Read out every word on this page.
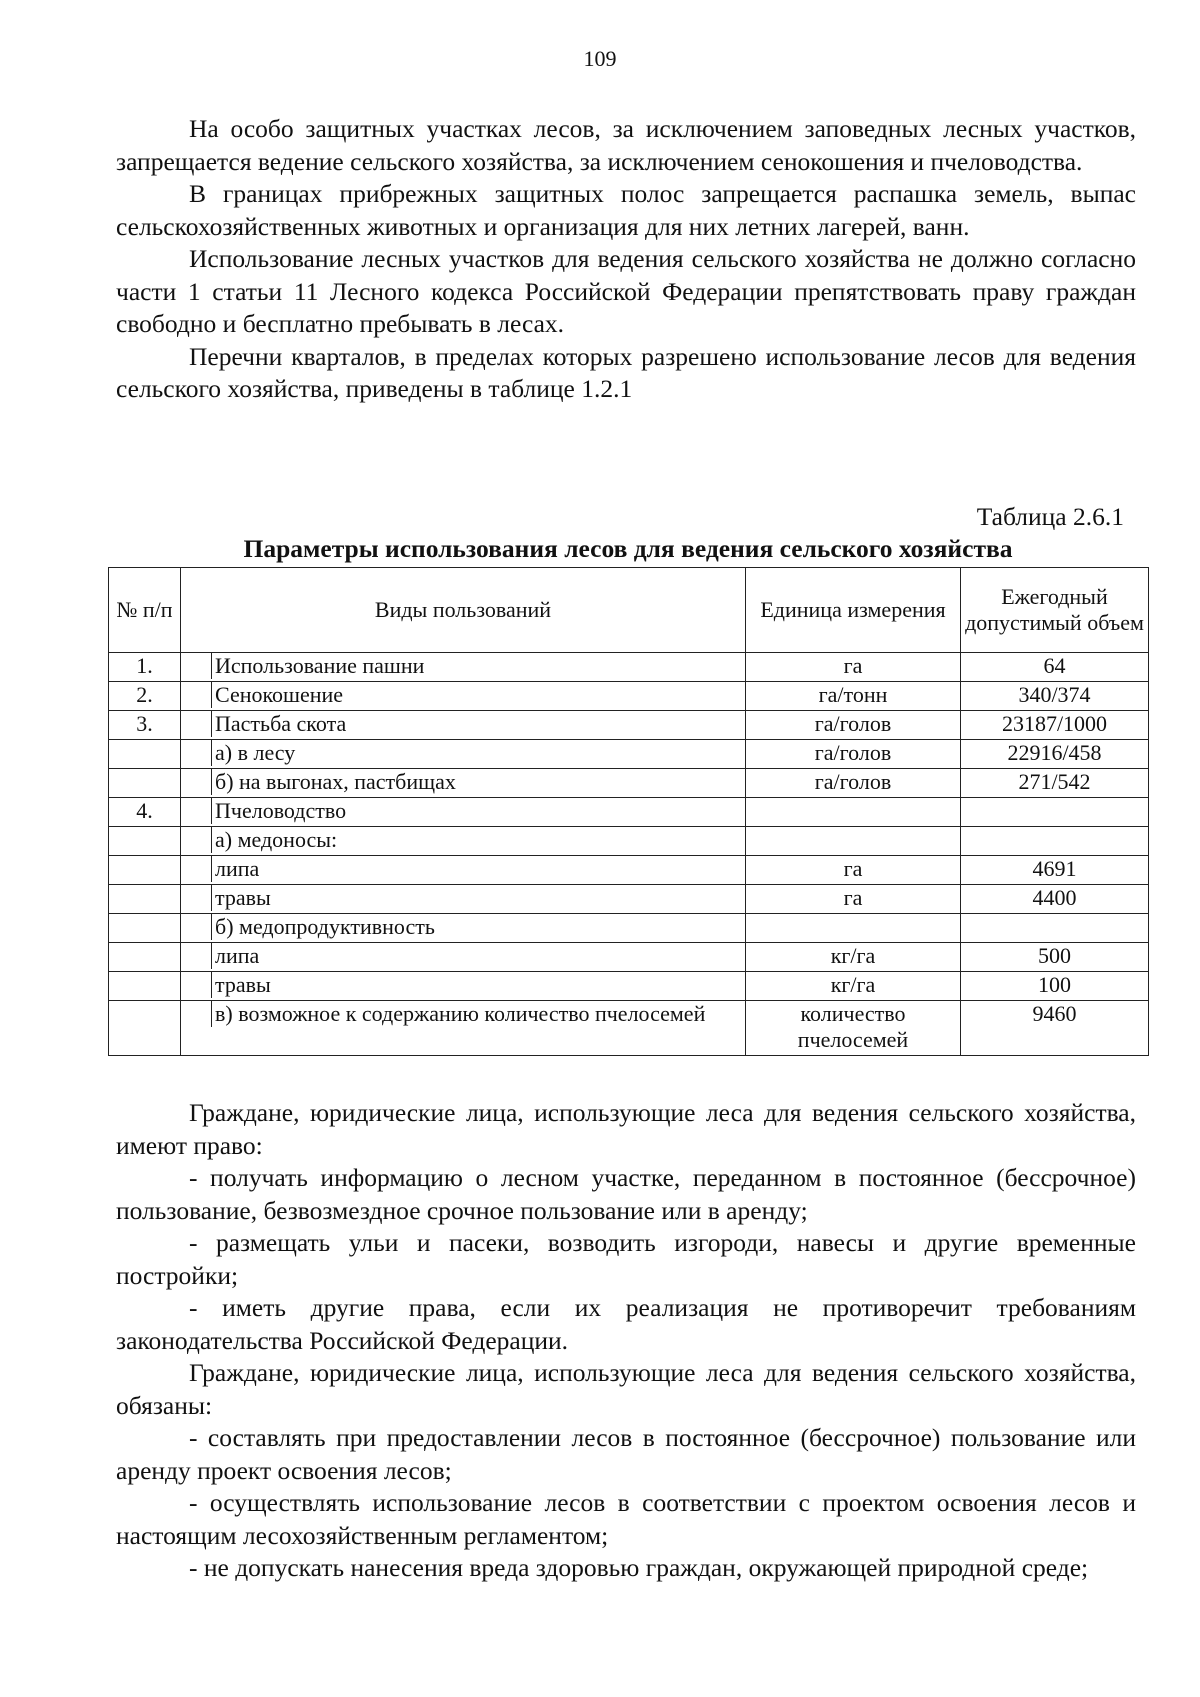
109

На особо защитных участках лесов, за исключением заповедных лесных участков, запрещается ведение сельского хозяйства, за исключением сенокошения и пчеловодства.

В границах прибрежных защитных полос запрещается распашка земель, выпас сельскохозяйственных животных и организация для них летних лагерей, ванн.

Использование лесных участков для ведения сельского хозяйства не должно согласно части 1 статьи 11 Лесного кодекса Российской Федерации препятствовать праву граждан свободно и бесплатно пребывать в лесах.

Перечни кварталов, в пределах которых разрешено использование лесов для ведения сельского хозяйства, приведены в таблице 1.2.1

Таблица 2.6.1
Параметры использования лесов для ведения сельского хозяйства
№ п/п	Виды пользований	Единица измерения	Ежегодный допустимый объем
1.	Использование пашни	га	64
2.	Сенокошение	га/тонн	340/374
3.	Пастьба скота	га/голов	23187/1000

	а) в лесу	га/голов	22916/458

	б) на выгонах, пастбищах	га/голов	271/542
4.	Пчеловодство		

	а) медоносы:		

	липа	га	4691

	травы	га	4400

	б) медопродуктивность		

	липа	кг/га	500

	травы	кг/га	100

	в) возможное к содержанию количество пчелосемей	количество пчелосемей	9460

Граждане, юридические лица, использующие леса для ведения сельского хозяйства, имеют право:

- получать информацию о лесном участке, переданном в постоянное (бессрочное) пользование, безвозмездное срочное пользование или в аренду;

- размещать ульи и пасеки, возводить изгороди, навесы и другие временные постройки;

- иметь другие права, если их реализация не противоречит требованиям законодательства Российской Федерации.

Граждане, юридические лица, использующие леса для ведения сельского хозяйства, обязаны:

- составлять при предоставлении лесов в постоянное (бессрочное) пользование или аренду проект освоения лесов;

- осуществлять использование лесов в соответствии с проектом освоения лесов и настоящим лесохозяйственным регламентом;

- не допускать нанесения вреда здоровью граждан, окружающей природной среде;
